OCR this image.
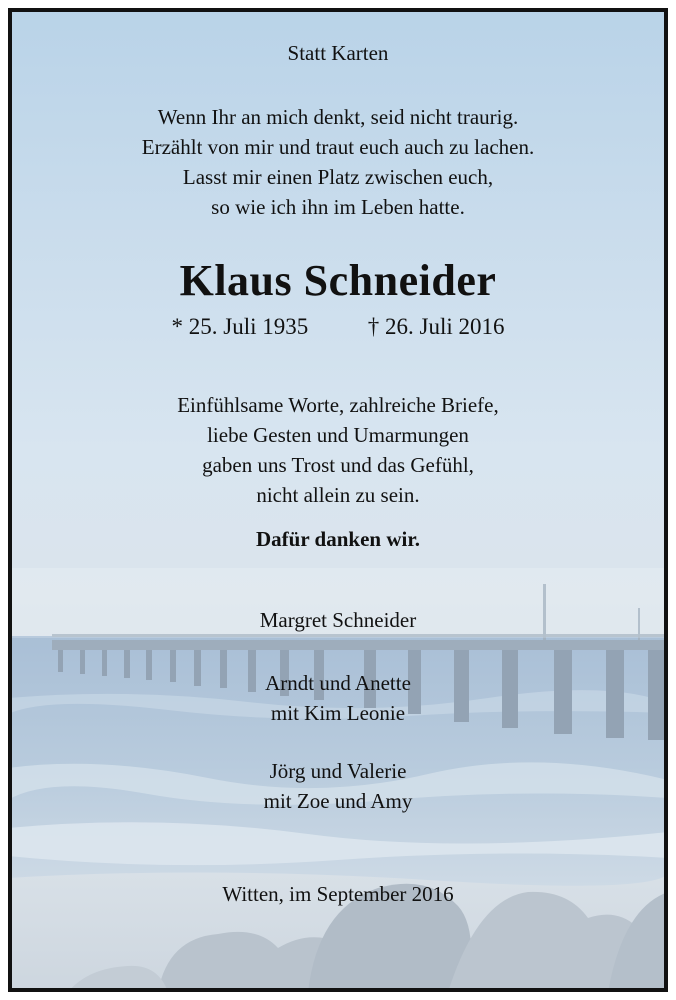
Statt Karten
Wenn Ihr an mich denkt, seid nicht traurig.
Erzählt von mir und traut euch auch zu lachen.
Lasst mir einen Platz zwischen euch,
so wie ich ihn im Leben hatte.
Klaus Schneider
* 25. Juli 1935	† 26. Juli 2016
Einfühlsame Worte, zahlreiche Briefe,
liebe Gesten und Umarmungen
gaben uns Trost und das Gefühl,
nicht allein zu sein.
Dafür danken wir.
Margret Schneider
Arndt und Anette
mit Kim Leonie
Jörg und Valerie
mit Zoe und Amy
Witten, im September 2016
